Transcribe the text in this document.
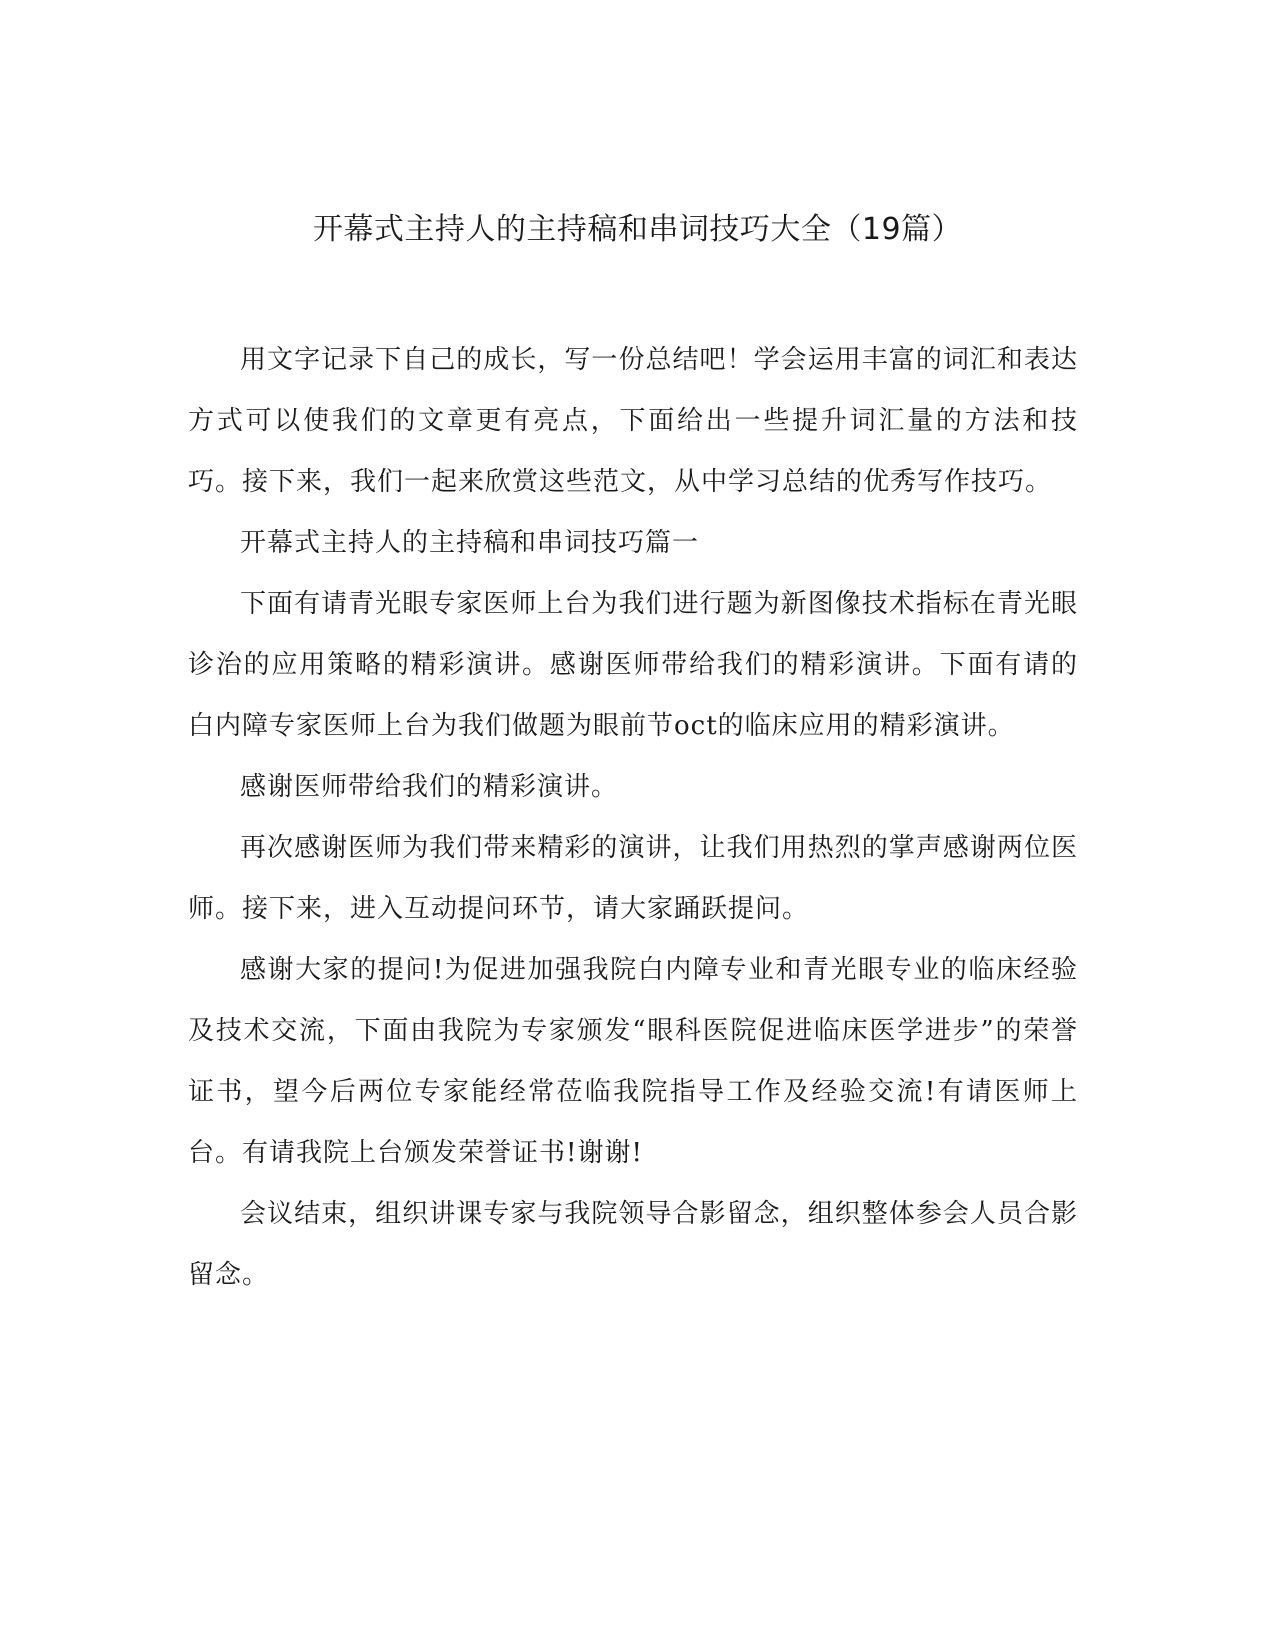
开幕式主持人的主持稿和串词技巧大全（19篇）

用文字记录下自己的成长，写一份总结吧！学会运用丰富的词汇和表达方式可以使我们的文章更有亮点，下面给出一些提升词汇量的方法和技巧。接下来，我们一起来欣赏这些范文，从中学习总结的优秀写作技巧。

开幕式主持人的主持稿和串词技巧篇一

下面有请青光眼专家医师上台为我们进行题为新图像技术指标在青光眼诊治的应用策略的精彩演讲。感谢医师带给我们的精彩演讲。下面有请的白内障专家医师上台为我们做题为眼前节oct的临床应用的精彩演讲。

感谢医师带给我们的精彩演讲。

再次感谢医师为我们带来精彩的演讲，让我们用热烈的掌声感谢两位医师。接下来，进入互动提问环节，请大家踊跃提问。

感谢大家的提问!为促进加强我院白内障专业和青光眼专业的临床经验及技术交流，下面由我院为专家颁发“眼科医院促进临床医学进步”的荣誉证书，望今后两位专家能经常莅临我院指导工作及经验交流!有请医师上台。有请我院上台颁发荣誉证书!谢谢!

会议结束，组织讲课专家与我院领导合影留念，组织整体参会人员合影留念。
